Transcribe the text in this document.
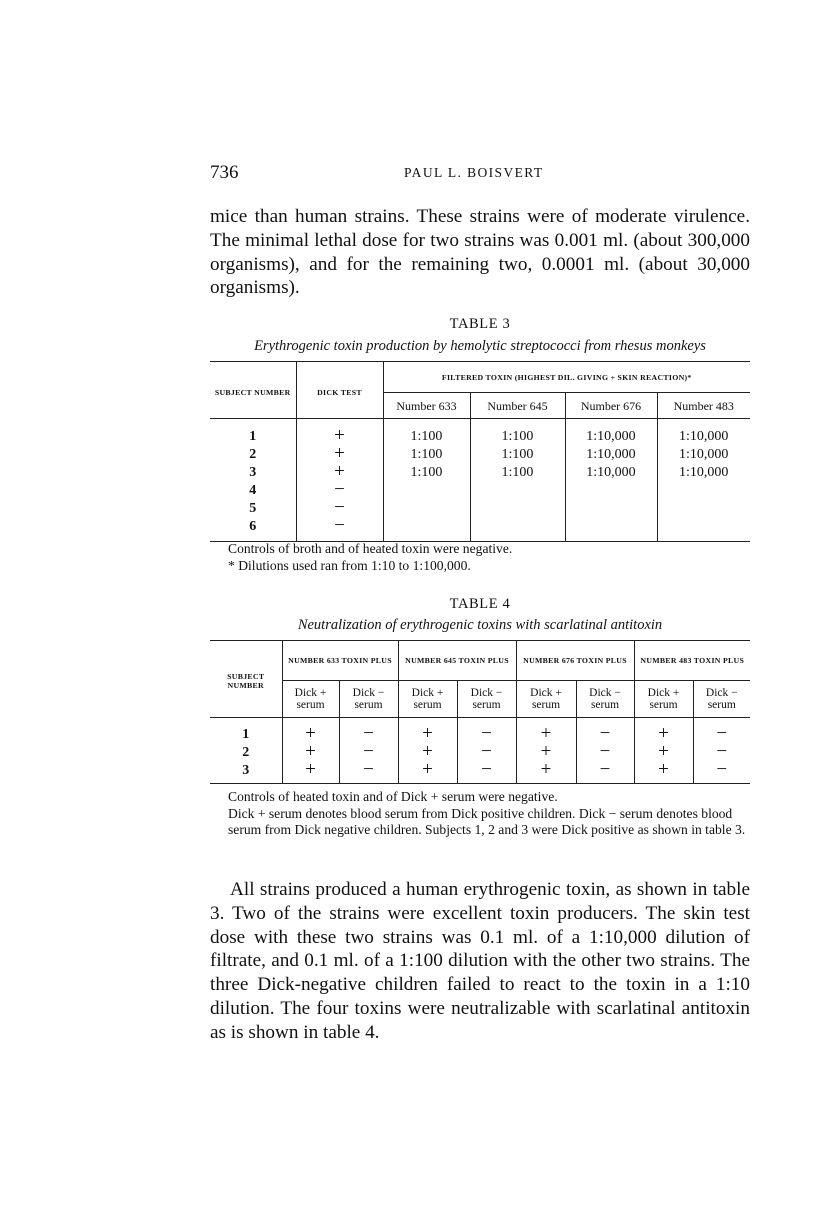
736	PAUL L. BOISVERT

mice than human strains. These strains were of moderate virulence. The minimal lethal dose for two strains was 0.001 ml. (about 300,000 organisms), and for the remaining two, 0.0001 ml. (about 30,000 organisms).

TABLE 3
Erythrogenic toxin production by hemolytic streptococci from rhesus monkeys
SUBJECT NUMBER	DICK TEST	FILTERED TOXIN (HIGHEST DIL. GIVING + SKIN REACTION)*			
		Number 633	Number 645	Number 676	Number 483
1	+	1:100	1:100	1:10,000	1:10,000
2	+	1:100	1:100	1:10,000	1:10,000
3	+	1:100	1:100	1:10,000	1:10,000
4	−				
5	−				
6	−				

Controls of broth and of heated toxin were negative.

* Dilutions used ran from 1:10 to 1:100,000.

TABLE 4
Neutralization of erythrogenic toxins with scarlatinal antitoxin
SUBJECT NUMBER	NUMBER 633 TOXIN PLUS		NUMBER 645 TOXIN PLUS		NUMBER 676 TOXIN PLUS		NUMBER 483 TOXIN PLUS	
	Dick + serum	Dick − serum	Dick + serum	Dick − serum	Dick + serum	Dick − serum	Dick + serum	Dick − serum
1	+	−	+	−	+	−	+	−
2	+	−	+	−	+	−	+	−
3	+	−	+	−	+	−	+	−

Controls of heated toxin and of Dick + serum were negative.

Dick + serum denotes blood serum from Dick positive children. Dick − serum denotes blood serum from Dick negative children. Subjects 1, 2 and 3 were Dick positive as shown in table 3.

All strains produced a human erythrogenic toxin, as shown in table 3. Two of the strains were excellent toxin producers. The skin test dose with these two strains was 0.1 ml. of a 1:10,000 dilution of filtrate, and 0.1 ml. of a 1:100 dilution with the other two strains. The three Dick-negative children failed to react to the toxin in a 1:10 dilution. The four toxins were neutralizable with scarlatinal antitoxin as is shown in table 4.
